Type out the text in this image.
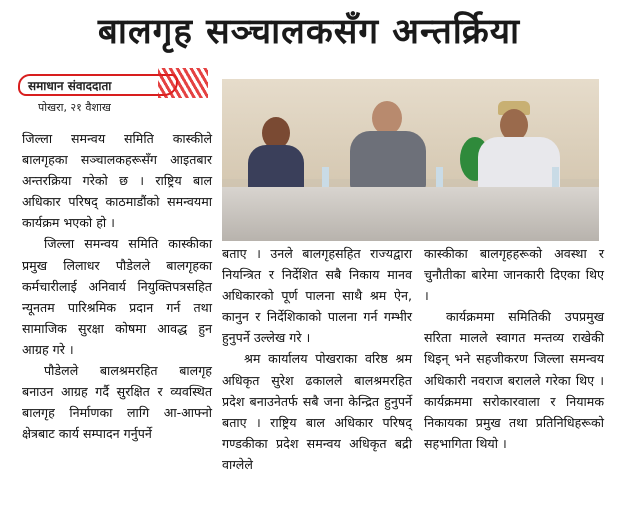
बालगृह सञ्चालकसँग अन्तर्क्रिया
समाधान संवाददाता
पोखरा, २१ वैशाख

जिल्ला समन्वय समिति कास्कीले बालगृहका सञ्चालकहरूसँग आइतबार अन्तरक्रिया गरेको छ । राष्ट्रिय बाल अधिकार परिषद् काठमाडौंको समन्वयमा कार्यक्रम भएको हो ।

जिल्ला समन्वय समिति कास्कीका प्रमुख लिलाधर पौडेलले बालगृहका कर्मचारीलाई अनिवार्य नियुक्तिपत्रसहित न्यूनतम पारिश्रमिक प्रदान गर्न तथा सामाजिक सुरक्षा कोषमा आवद्ध हुन आग्रह गरे ।

पौडेलले बालश्रमरहित बालगृह बनाउन आग्रह गर्दै सुरक्षित र व्यवस्थित बालगृह निर्माणका लागि आ-आफ्नो क्षेत्रबाट कार्य सम्पादन गर्नुपर्ने

बताए । उनले बालगृहसहित राज्यद्वारा नियन्त्रित र निर्देशित सबै निकाय मानव अधिकारको पूर्ण पालना साथै श्रम ऐन, कानुन र निर्देशिकाको पालना गर्न गम्भीर हुनुपर्ने उल्लेख गरे ।

श्रम कार्यालय पोखराका वरिष्ठ श्रम अधिकृत सुरेश ढकालले बालश्रमरहित प्रदेश बनाउनेतर्फ सबै जना केन्द्रित हुनुपर्ने बताए । राष्ट्रिय बाल अधिकार परिषद् गण्डकीका प्रदेश समन्वय अधिकृत बद्री वाग्लेले

कास्कीका बालगृहहरूको अवस्था र चुनौतीका बारेमा जानकारी दिएका थिए ।

कार्यक्रममा समितिकी उपप्रमुख सरिता मालले स्वागत मन्तव्य राखेकी थिइन् भने सहजीकरण जिल्ला समन्वय अधिकारी नवराज बरालले गरेका थिए । कार्यक्रममा सरोकारवाला र नियामक निकायका प्रमुख तथा प्रतिनिधिहरूको सहभागिता थियो ।
